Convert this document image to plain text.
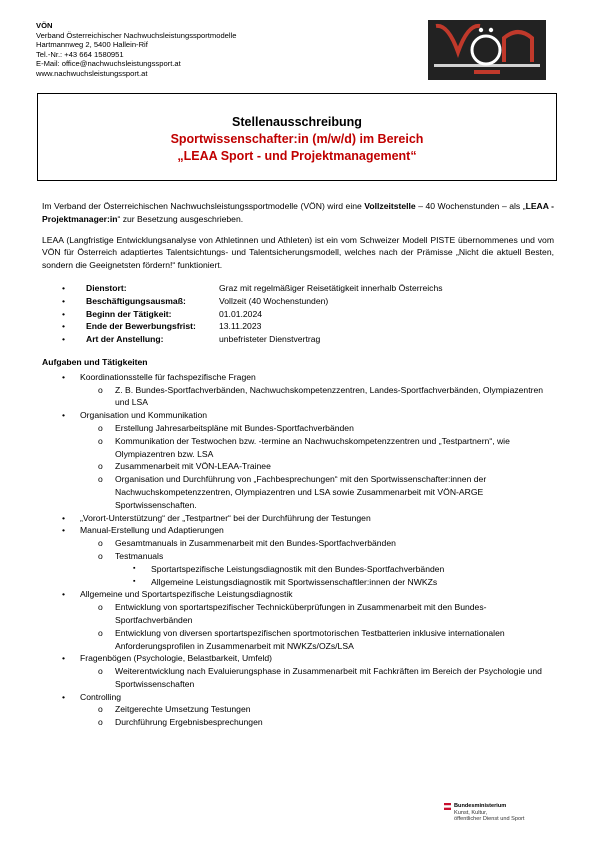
VÖN
Verband Österreichischer Nachwuchsleistungssportmodelle
Hartmannweg 2, 5400 Hallein-Rif
Tel.-Nr.: +43 664 1580951
E-Mail: office@nachwuchsleistungssport.at
www.nachwuchsleistungssport.at
Stellenausschreibung
Sportwissenschafter:in (m/w/d) im Bereich
„LEAA Sport - und Projektmanagement“

Im Verband der Österreichischen Nachwuchsleistungssportmodelle (VÖN) wird eine Vollzeitstelle – 40 Wochenstunden – als „LEAA - Projektmanager:in“ zur Besetzung ausgeschrieben.

LEAA (Langfristige Entwicklungsanalyse von Athletinnen und Athleten) ist ein vom Schweizer Modell PISTE übernommenes und vom VÖN für Österreich adaptiertes Talentsichtungs- und Talentsicherungsmodell, welches nach der Prämisse „Nicht die aktuell Besten, sondern die Geeignetsten fördern!“ funktioniert.

•	Dienstort:	Graz mit regelmäßiger Reisetätigkeit innerhalb Österreichs
•	Beschäftigungsausmaß:	Vollzeit (40 Wochenstunden)
•	Beginn der Tätigkeit:	01.01.2024
•	Ende der Bewerbungsfrist:	13.11.2023
•	Art der Anstellung:	unbefristeter Dienstvertrag
Aufgaben und Tätigkeiten
• Koordinationsstelle für fachspezifische Fragen
o Z. B. Bundes-Sportfachverbänden, Nachwuchskompetenzzentren, Landes-Sportfachverbänden, Olympiazentren und LSA
• Organisation und Kommunikation
o Erstellung Jahresarbeitspläne mit Bundes-Sportfachverbänden
o Kommunikation der Testwochen bzw. -termine an Nachwuchskompetenzzentren und „Testpartnern“, wie Olympiazentren bzw. LSA
o Zusammenarbeit mit VÖN-LEAA-Trainee
o Organisation und Durchführung von „Fachbesprechungen“ mit den Sportwissenschafter:innen der Nachwuchskompetenzzentren, Olympiazentren und LSA sowie Zusammenarbeit mit VÖN-ARGE Sportwissenschaften.
• „Vorort-Unterstützung“ der „Testpartner“ bei der Durchführung der Testungen
• Manual-Erstellung und Adaptierungen
o Gesamtmanuals in Zusammenarbeit mit den Bundes-Sportfachverbänden
o Testmanuals
▪ Sportartspezifische Leistungsdiagnostik mit den Bundes-Sportfachverbänden
▪ Allgemeine Leistungsdiagnostik mit Sportwissenschaftler:innen der NWKZs
• Allgemeine und Sportartspezifische Leistungsdiagnostik
o Entwicklung von sportartspezifischer Technicküberprüfungen in Zusammenarbeit mit den Bundes-Sportfachverbänden
o Entwicklung von diversen sportartspezifischen sportmotorischen Testbatterien inklusive internationalen Anforderungsprofilen in Zusammenarbeit mit NWKZs/OZs/LSA
• Fragenbögen (Psychologie, Belastbarkeit, Umfeld)
o Weiterentwicklung nach Evaluierungsphase in Zusammenarbeit mit Fachkräften im Bereich der Psychologie und Sportwissenschaften
• Controlling
o Zeitgerechte Umsetzung Testungen
o Durchführung Ergebnisbesprechungen
Bundesministerium
Kunst, Kultur,
öffentlicher Dienst und Sport
